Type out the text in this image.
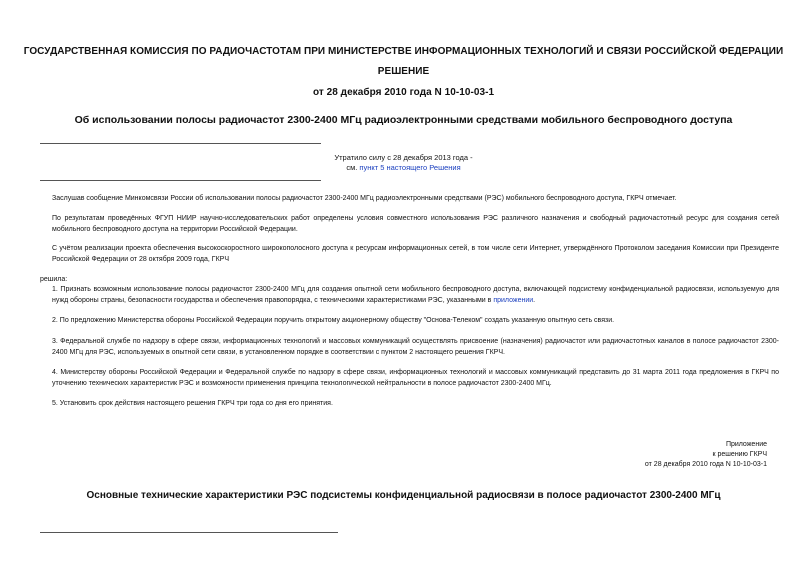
ГОСУДАРСТВЕННАЯ КОМИССИЯ ПО РАДИОЧАСТОТАМ ПРИ МИНИСТЕРСТВЕ ИНФОРМАЦИОННЫХ ТЕХНОЛОГИЙ И СВЯЗИ РОССИЙСКОЙ ФЕДЕРАЦИИ
РЕШЕНИЕ
от 28 декабря 2010 года N 10-10-03-1
Об использовании полосы радиочастот 2300-2400 МГц радиоэлектронными средствами мобильного беспроводного доступа
Утратило силу с 28 декабря 2013 года -
см. пункт 5 настоящего Решения
Заслушав сообщение Минкомсвязи России об использовании полосы радиочастот 2300-2400 МГц радиоэлектронными средствами (РЭС) мобильного беспроводного доступа, ГКРЧ отмечает.
По результатам проведённых ФГУП НИИР научно-исследовательских работ определены условия совместного использования РЭС различного назначения и свободный радиочастотный ресурс для создания сетей мобильного беспроводного доступа на территории Российской Федерации.
С учётом реализации проекта обеспечения высокоскоростного широкополосного доступа к ресурсам информационных сетей, в том числе сети Интернет, утверждённого Протоколом заседания Комиссии при Президенте Российской Федерации от 28 октября 2009 года, ГКРЧ
решила:
1. Признать возможным использование полосы радиочастот 2300-2400 МГц для создания опытной сети мобильного беспроводного доступа, включающей подсистему конфиденциальной радиосвязи, используемую для нужд обороны страны, безопасности государства и обеспечения правопорядка, с техническими характеристиками РЭС, указанными в приложении.
2. По предложению Министерства обороны Российской Федерации поручить открытому акционерному обществу "Основа-Телеком" создать указанную опытную сеть связи.
3. Федеральной службе по надзору в сфере связи, информационных технологий и массовых коммуникаций осуществлять присвоение (назначения) радиочастот или радиочастотных каналов в полосе радиочастот 2300-2400 МГц для РЭС, используемых в опытной сети связи, в установленном порядке в соответствии с пунктом 2 настоящего решения ГКРЧ.
4. Министерству обороны Российской Федерации и Федеральной службе по надзору в сфере связи, информационных технологий и массовых коммуникаций представить до 31 марта 2011 года предложения в ГКРЧ по уточнению технических характеристик РЭС и возможности применения принципа технологической нейтральности в полосе радиочастот 2300-2400 МГц.
5. Установить срок действия настоящего решения ГКРЧ три года со дня его принятия.
Приложение
к решению ГКРЧ
от 28 декабря 2010 года N 10-10-03-1
Основные технические характеристики РЭС подсистемы конфиденциальной радиосвязи в полосе радиочастот 2300-2400 МГц
